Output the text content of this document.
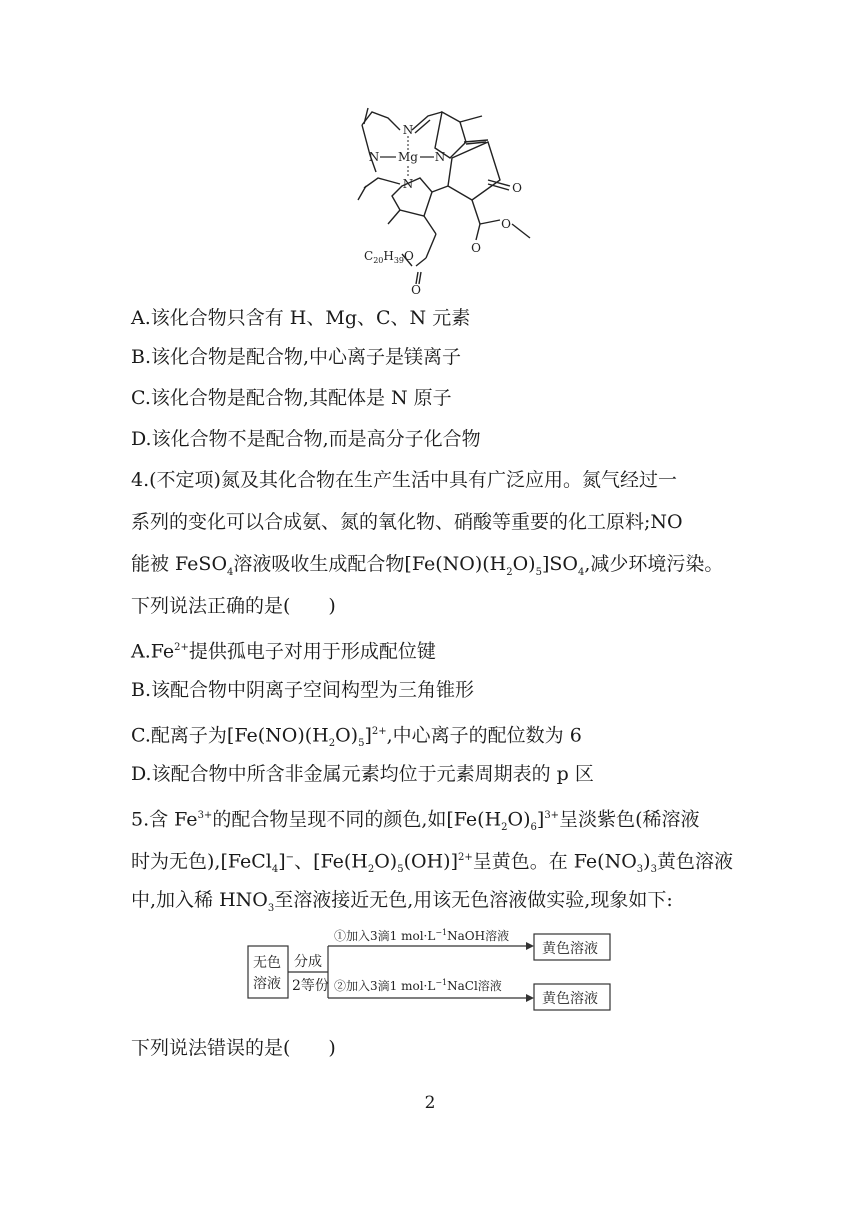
Mg
N
N	N
N	O
O
O
O
$C_{20}H_{39}O$
A.该化合物只含有 H、Mg、C、N 元素
B.该化合物是配合物,中心离子是镁离子
C.该化合物是配合物,其配体是 N 原子
D.该化合物不是配合物,而是高分子化合物
4.(不定项)氮及其化合物在生产生活中具有广泛应用。氮气经过一
系列的变化可以合成氨、氮的氧化物、硝酸等重要的化工原料;NO
能被 FeSO$_4$溶液吸收生成配合物$[Fe(NO)(H_2O)_5]SO_4$,减少环境污染。
下列说法正确的是(　　)
$A.Fe^{2+}$提供孤电子对用于形成配位键
B.该配合物中阴离子空间构型为三角锥形
C.配离子为$[Fe(NO)(H_2O)_5]^{2+}$,中心离子的配位数为 6
D.该配合物中所含非金属元素均位于元素周期表的 p 区
5.含 $Fe^{3+}$的配合物呈现不同的颜色,如$[Fe(H_2O)_6]^{3+}$呈淡紫色(稀溶液
时为无色),[FeCl$_4$]−、$[Fe(H_2O)_5(OH)]^{2+}$呈黄色。在 $Fe(NO_3)_3$黄色溶液
中,加入稀 $HNO_3$至溶液接近无色,用该无色溶液做实验,现象如下:
无色
溶液
分成
2等份
黄色溶液
黄色溶液
①加入3滴1 $mol\cdot L^{-1}NaOH$溶液
②加入3滴1 $mol\cdot L^{-1}NaCl$溶液
下列说法错误的是(　　)
2
